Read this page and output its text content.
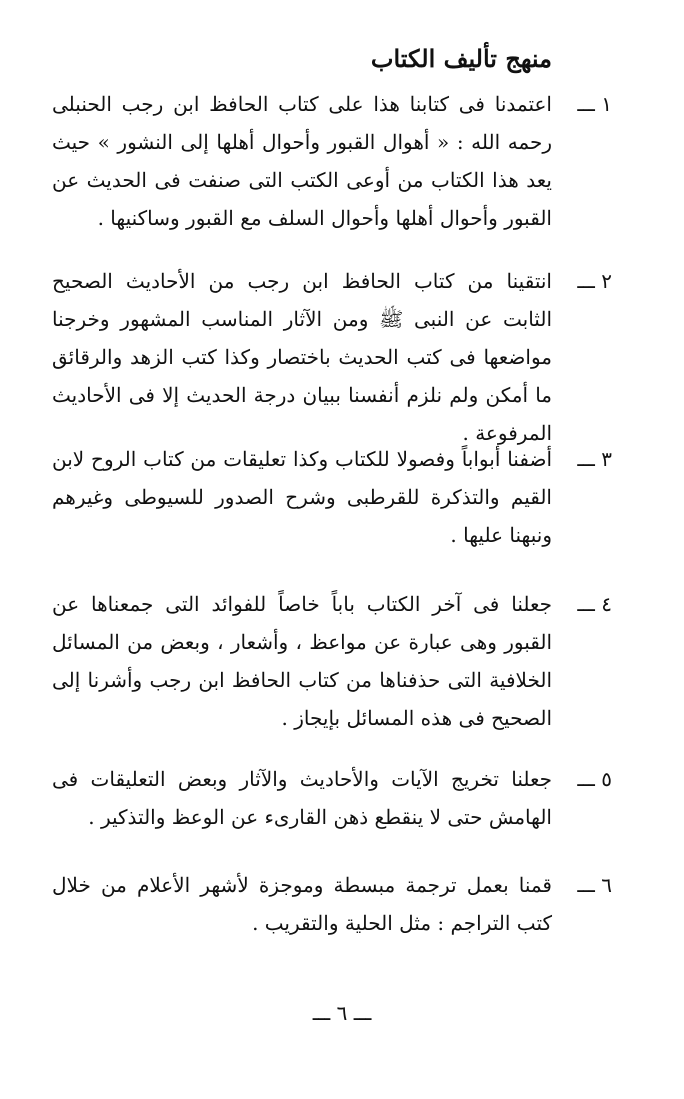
منهج تأليف الكتاب
١ ـــ

اعتمدنا فى كتابنا هذا على كتاب الحافظ ابن رجب الحنبلى رحمه الله : « أهوال القبور وأحوال أهلها إلى النشور » حيث يعد هذا الكتاب من أوعى الكتب التى صنفت فى الحديث عن القبور وأحوال أهلها وأحوال السلف مع القبور وساكنيها .

٢ ـــ

انتقينا من كتاب الحافظ ابن رجب من الأحاديث الصحيح الثابت عن النبى ﷺ ومن الآثار المناسب المشهور وخرجنا مواضعها فى كتب الحديث باختصار وكذا كتب الزهد والرقائق ما أمكن ولم نلزم أنفسنا ببيان درجة الحديث إلا فى الأحاديث المرفوعة .

٣ ـــ

أضفنا أبواباً وفصولا للكتاب وكذا تعليقات من كتاب الروح لابن القيم والتذكرة للقرطبى وشرح الصدور للسيوطى وغيرهم ونبهنا عليها .

٤ ـــ

جعلنا فى آخر الكتاب باباً خاصاً للفوائد التى جمعناها عن القبور وهى عبارة عن مواعظ ، وأشعار ، وبعض من المسائل الخلافية التى حذفناها من كتاب الحافظ ابن رجب وأشرنا إلى الصحيح فى هذه المسائل بإيجاز .

٥ ـــ

جعلنا تخريج الآيات والأحاديث والآثار وبعض التعليقات فى الهامش حتى لا ينقطع ذهن القارىء عن الوعظ والتذكير .

٦ ـــ

قمنا بعمل ترجمة مبسطة وموجزة لأشهر الأعلام من خلال كتب التراجم : مثل الحلية والتقريب .

ـــ ٦ ـــ
